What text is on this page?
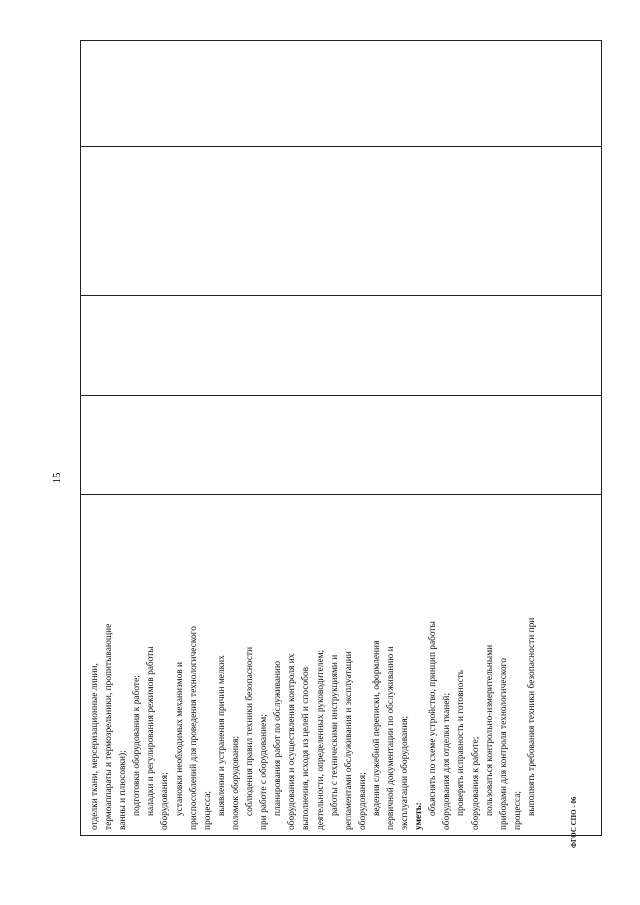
15
отделки ткани, мерсеризационные линии, термоаппараты и термозрельники, пропитывающие ванны и плюсовки); подготовки оборудования к работе; наладки и регулирования режимов работы оборудования; установки необходимых механизмов и приспособлений для проведения технологического процесса; выявления и устранения причин мелких поломок оборудования; соблюдения правил техники безопасности при работе с оборудованием; планирования работ по обслуживанию оборудования и осуществления контроля их выполнения, исходя из целей и способов деятельности, определенных руководителем; работы с техническими инструкциями и регламентами обслуживания и эксплуатации оборудования; ведения служебной переписки, оформления первичной документации по обслуживанию и эксплуатации оборудования; уметь:
объяснять по схеме устройство, принцип работы оборудования для отделки тканей; проверять исправность и готовность оборудования к работе; пользоваться контрольно-измерительными приборами для контроля технологического процесса; выполнять требования техники безопасности при
ФГОС СПО - 06
